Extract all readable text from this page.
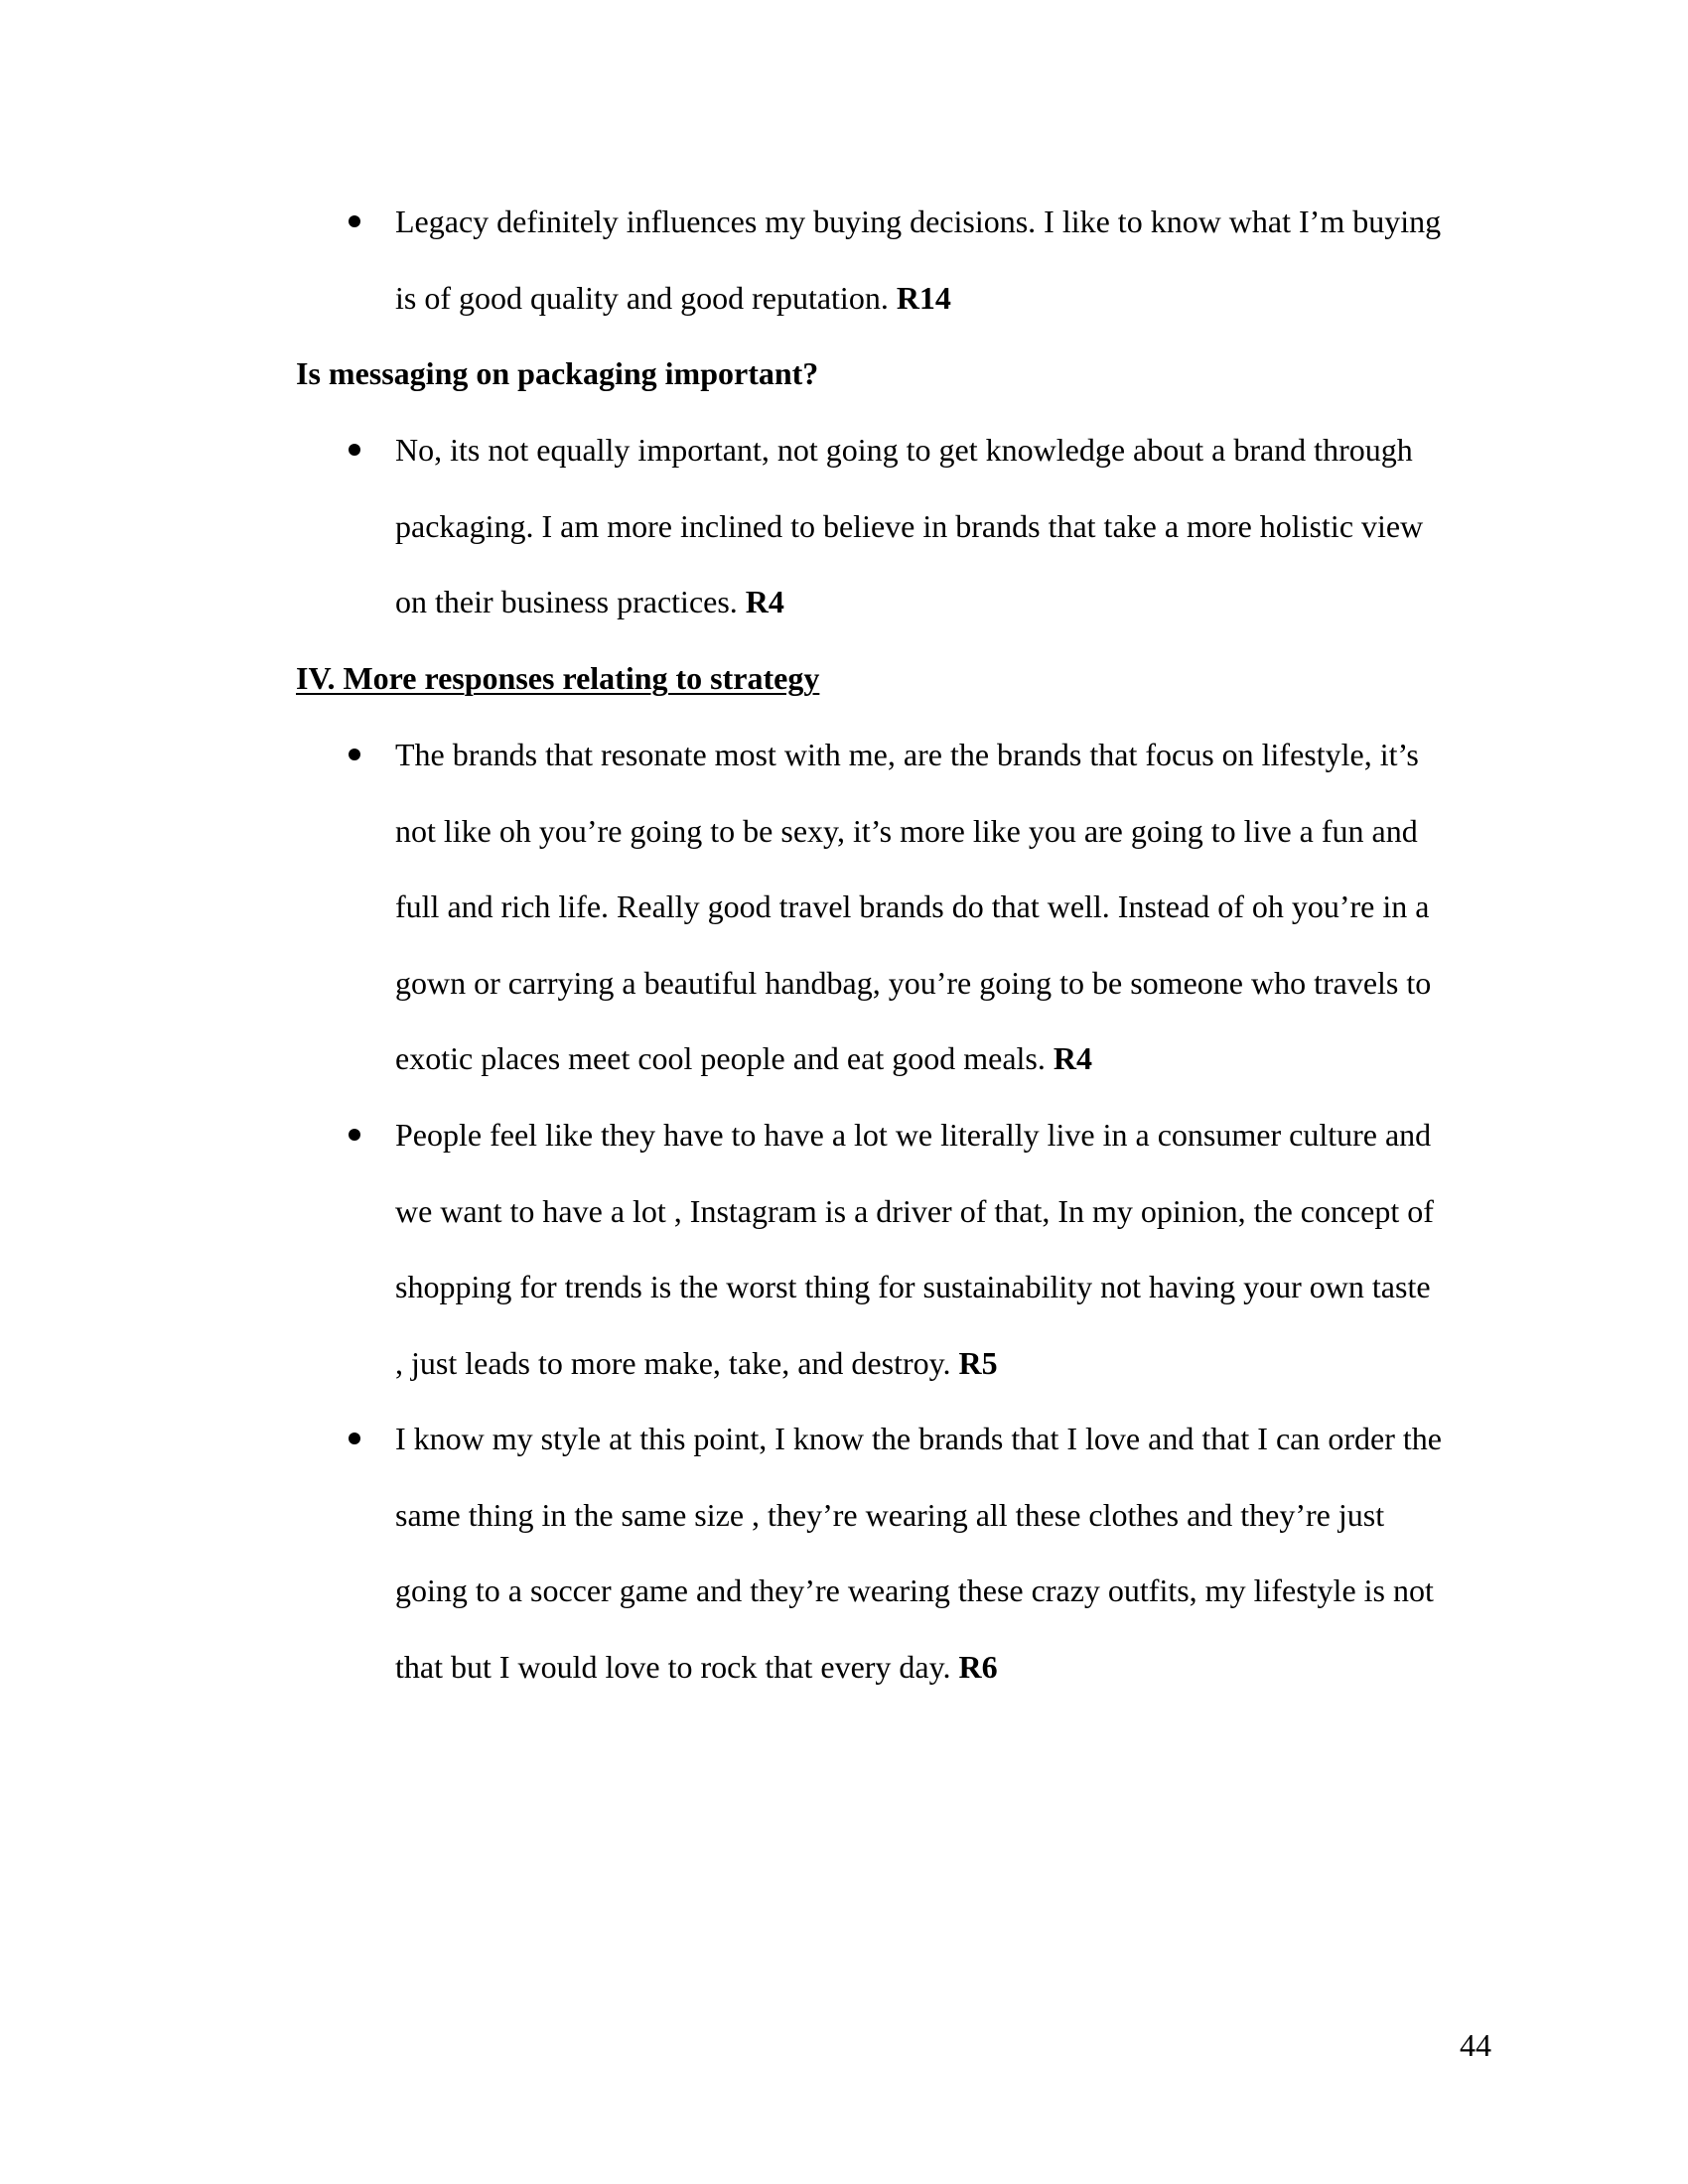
Legacy definitely influences my buying decisions. I like to know what I’m buying
is of good quality and good reputation. R14
Is messaging on packaging important?
No, its not equally important, not going to get knowledge about a brand through
packaging. I am more inclined to believe in brands that take a more holistic view
on their business practices. R4
IV. More responses relating to strategy
The brands that resonate most with me, are the brands that focus on lifestyle, it’s
not like oh you’re going to be sexy, it’s more like you are going to live a fun and
full and rich life. Really good travel brands do that well. Instead of oh you’re in a
gown or carrying a beautiful handbag, you’re going to be someone who travels to
exotic places meet cool people and eat good meals. R4
People feel like they have to have a lot we literally live in a consumer culture and
we want to have a lot , Instagram is a driver of that, In my opinion, the concept of
shopping for trends is the worst thing for sustainability not having your own taste
, just leads to more make, take, and destroy. R5
I know my style at this point, I know the brands that I love and that I can order the
same thing in the same size , they’re wearing all these clothes and they’re just
going to a soccer game and they’re wearing these crazy outfits, my lifestyle is not
that but I would love to rock that every day. R6
44
